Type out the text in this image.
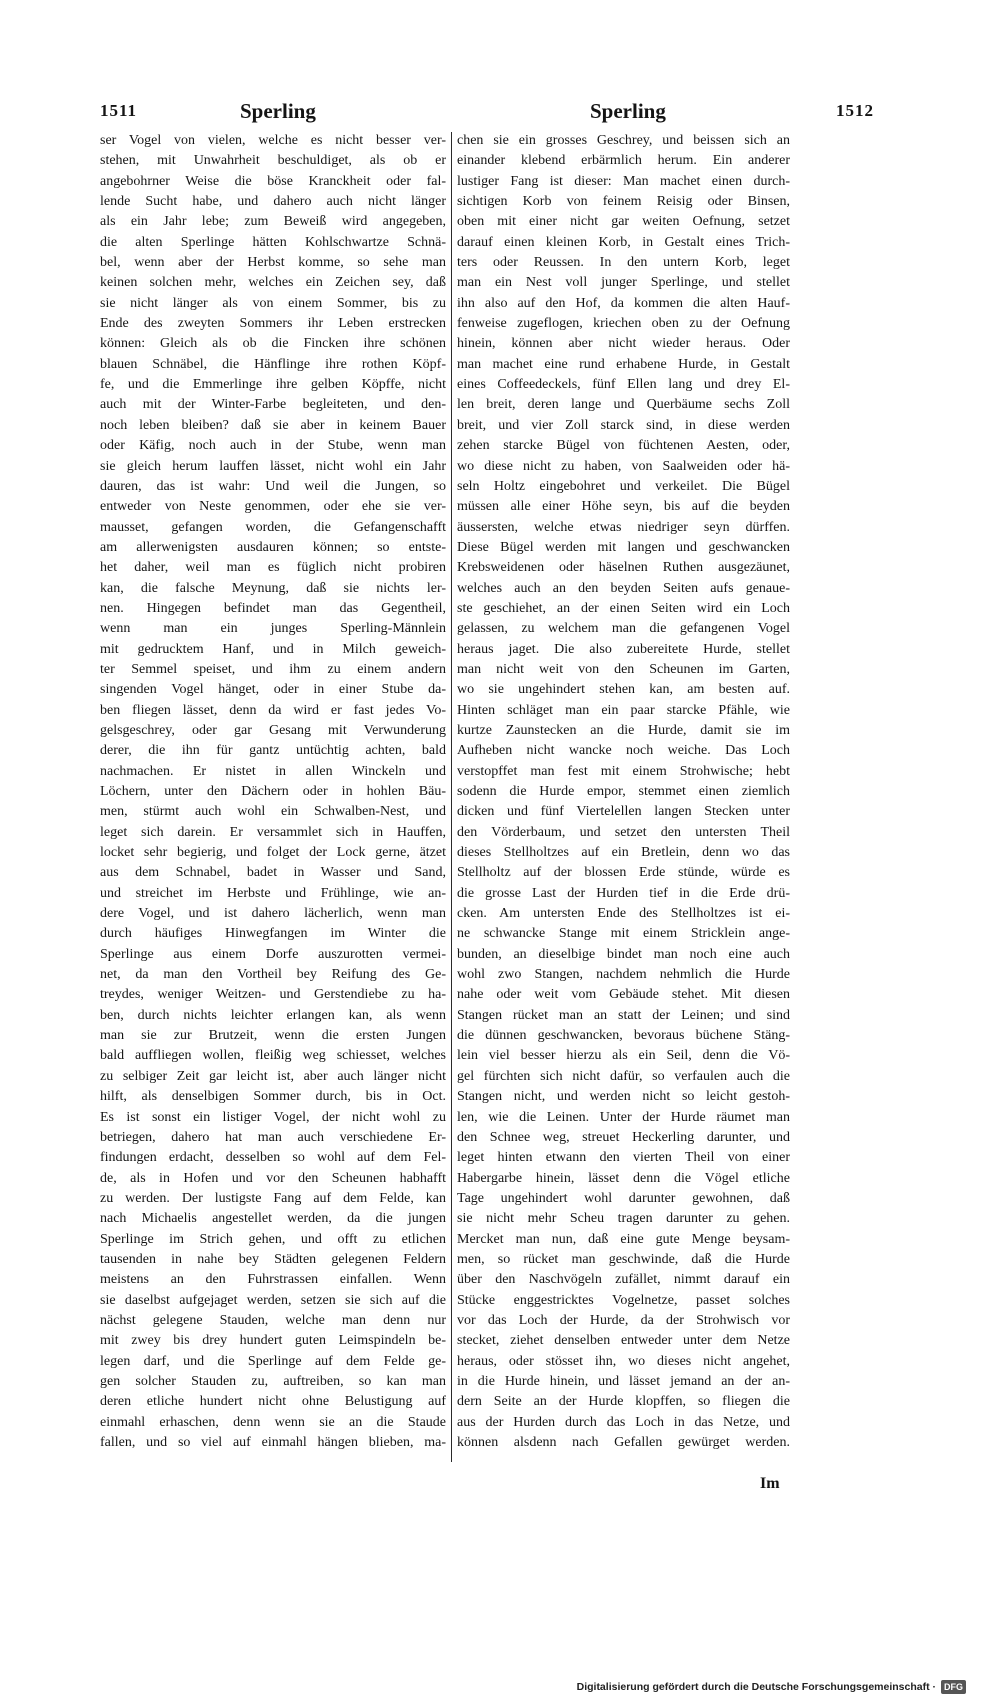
1511	Sperling	Sperling	1512
ser Vogel von vielen, welche es nicht besser ver-
stehen, mit Unwahrheit beschuldiget, als ob er
angebohrner Weise die böse Kranckheit oder fal-
lende Sucht habe, und dahero auch nicht länger
als ein Jahr lebe; zum Beweiß wird angegeben,
die alten Sperlinge hätten Kohlschwartze Schnä-
bel, wenn aber der Herbst komme, so sehe man
keinen solchen mehr, welches ein Zeichen sey, daß
sie nicht länger als von einem Sommer, bis zu
Ende des zweyten Sommers ihr Leben erstrecken
können: Gleich als ob die Fincken ihre schönen
blauen Schnäbel, die Hänflinge ihre rothen Köpf-
fe, und die Emmerlinge ihre gelben Köpffe, nicht
auch mit der Winter-Farbe begleiteten, und den-
noch leben bleiben? daß sie aber in keinem Bauer
oder Käfig, noch auch in der Stube, wenn man
sie gleich herum lauffen lässet, nicht wohl ein Jahr
dauren, das ist wahr: Und weil die Jungen, so
entweder von Neste genommen, oder ehe sie ver-
mausset, gefangen worden, die Gefangenschafft
am allerwenigsten ausdauren können; so entste-
het daher, weil man es füglich nicht probiren
kan, die falsche Meynung, daß sie nichts ler-
nen. Hingegen befindet man das Gegentheil,
wenn man ein junges Sperling-Männlein
mit gedrucktem Hanf, und in Milch geweich-
ter Semmel speiset, und ihm zu einem andern
singenden Vogel hänget, oder in einer Stube da-
ben fliegen lässet, denn da wird er fast jedes Vo-
gelsgeschrey, oder gar Gesang mit Verwunderung
derer, die ihn für gantz untüchtig achten, bald
nachmachen. Er nistet in allen Winckeln und
Löchern, unter den Dächern oder in hohlen Bäu-
men, stürmt auch wohl ein Schwalben-Nest, und
leget sich darein. Er versammlet sich in Hauffen,
locket sehr begierig, und folget der Lock gerne, ätzet
aus dem Schnabel, badet in Wasser und Sand,
und streichet im Herbste und Frühlinge, wie an-
dere Vogel, und ist dahero lächerlich, wenn man
durch häufiges Hinwegfangen im Winter die
Sperlinge aus einem Dorfe auszurotten vermei-
net, da man den Vortheil bey Reifung des Ge-
treydes, weniger Weitzen- und Gerstendiebe zu ha-
ben, durch nichts leichter erlangen kan, als wenn
man sie zur Brutzeit, wenn die ersten Jungen
bald auffliegen wollen, fleißig weg schiesset, welches
zu selbiger Zeit gar leicht ist, aber auch länger nicht
hilft, als denselbigen Sommer durch, bis in Oct.
Es ist sonst ein listiger Vogel, der nicht wohl zu
betriegen, dahero hat man auch verschiedene Er-
findungen erdacht, desselben so wohl auf dem Fel-
de, als in Hofen und vor den Scheunen habhafft
zu werden. Der lustigste Fang auf dem Felde, kan
nach Michaelis angestellet werden, da die jungen
Sperlinge im Strich gehen, und offt zu etlichen
tausenden in nahe bey Städten gelegenen Feldern
meistens an den Fuhrstrassen einfallen. Wenn
sie daselbst aufgejaget werden, setzen sie sich auf die
nächst gelegene Stauden, welche man denn nur
mit zwey bis drey hundert guten Leimspindeln be-
legen darf, und die Sperlinge auf dem Felde ge-
gen solcher Stauden zu, auftreiben, so kan man
deren etliche hundert nicht ohne Belustigung auf
einmahl erhaschen, denn wenn sie an die Staude
fallen, und so viel auf einmahl hängen blieben, ma-
chen sie ein grosses Geschrey, und beissen sich an
einander klebend erbärmlich herum. Ein anderer
lustiger Fang ist dieser: Man machet einen durch-
sichtigen Korb von feinem Reisig oder Binsen,
oben mit einer nicht gar weiten Oefnung, setzet
darauf einen kleinen Korb, in Gestalt eines Trich-
ters oder Reussen. In den untern Korb, leget
man ein Nest voll junger Sperlinge, und stellet
ihn also auf den Hof, da kommen die alten Hauf-
fenweise zugeflogen, kriechen oben zu der Oefnung
hinein, können aber nicht wieder heraus. Oder
man machet eine rund erhabene Hurde, in Gestalt
eines Coffeedeckels, fünf Ellen lang und drey El-
len breit, deren lange und Querbäume sechs Zoll
breit, und vier Zoll starck sind, in diese werden
zehen starcke Bügel von füchtenen Aesten, oder,
wo diese nicht zu haben, von Saalweiden oder hä-
seln Holtz eingebohret und verkeilet. Die Bügel
müssen alle einer Höhe seyn, bis auf die beyden
äussersten, welche etwas niedriger seyn dürffen.
Diese Bügel werden mit langen und geschwancken
Krebsweidenen oder häselnen Ruthen ausgezäunet,
welches auch an den beyden Seiten aufs genaue-
ste geschiehet, an der einen Seiten wird ein Loch
gelassen, zu welchem man die gefangenen Vogel
heraus jaget. Die also zubereitete Hurde, stellet
man nicht weit von den Scheunen im Garten,
wo sie ungehindert stehen kan, am besten auf.
Hinten schläget man ein paar starcke Pfähle, wie
kurtze Zaunstecken an die Hurde, damit sie im
Aufheben nicht wancke noch weiche. Das Loch
verstopffet man fest mit einem Strohwische; hebt
sodenn die Hurde empor, stemmet einen ziemlich
dicken und fünf Viertelellen langen Stecken unter
den Vörderbaum, und setzet den untersten Theil
dieses Stellholtzes auf ein Bretlein, denn wo das
Stellholtz auf der blossen Erde stünde, würde es
die grosse Last der Hurden tief in die Erde drü-
cken. Am untersten Ende des Stellholtzes ist ei-
ne schwancke Stange mit einem Stricklein ange-
bunden, an dieselbige bindet man noch eine auch
wohl zwo Stangen, nachdem nehmlich die Hurde
nahe oder weit vom Gebäude stehet. Mit diesen
Stangen rücket man an statt der Leinen; und sind
die dünnen geschwancken, bevoraus büchene Stäng-
lein viel besser hierzu als ein Seil, denn die Vö-
gel fürchten sich nicht dafür, so verfaulen auch die
Stangen nicht, und werden nicht so leicht gestoh-
len, wie die Leinen. Unter der Hurde räumet man
den Schnee weg, streuet Heckerling darunter, und
leget hinten etwann den vierten Theil von einer
Habergarbe hinein, lässet denn die Vögel etliche
Tage ungehindert wohl darunter gewohnen, daß
sie nicht mehr Scheu tragen darunter zu gehen.
Mercket man nun, daß eine gute Menge beysam-
men, so rücket man geschwinde, daß die Hurde
über den Naschvögeln zufället, nimmt darauf ein
Stücke enggestricktes Vogelnetze, passet solches
vor das Loch der Hurde, da der Strohwisch vor
stecket, ziehet denselben entweder unter dem Netze
heraus, oder stösset ihn, wo dieses nicht angehet,
in die Hurde hinein, und lässet jemand an der an-
dern Seite an der Hurde klopffen, so fliegen die
aus der Hurden durch das Loch in das Netze, und
können alsdenn nach Gefallen gewürget werden.
Im
Digitalisierung gefördert durch die Deutsche Forschungsgemeinschaft · DFG
